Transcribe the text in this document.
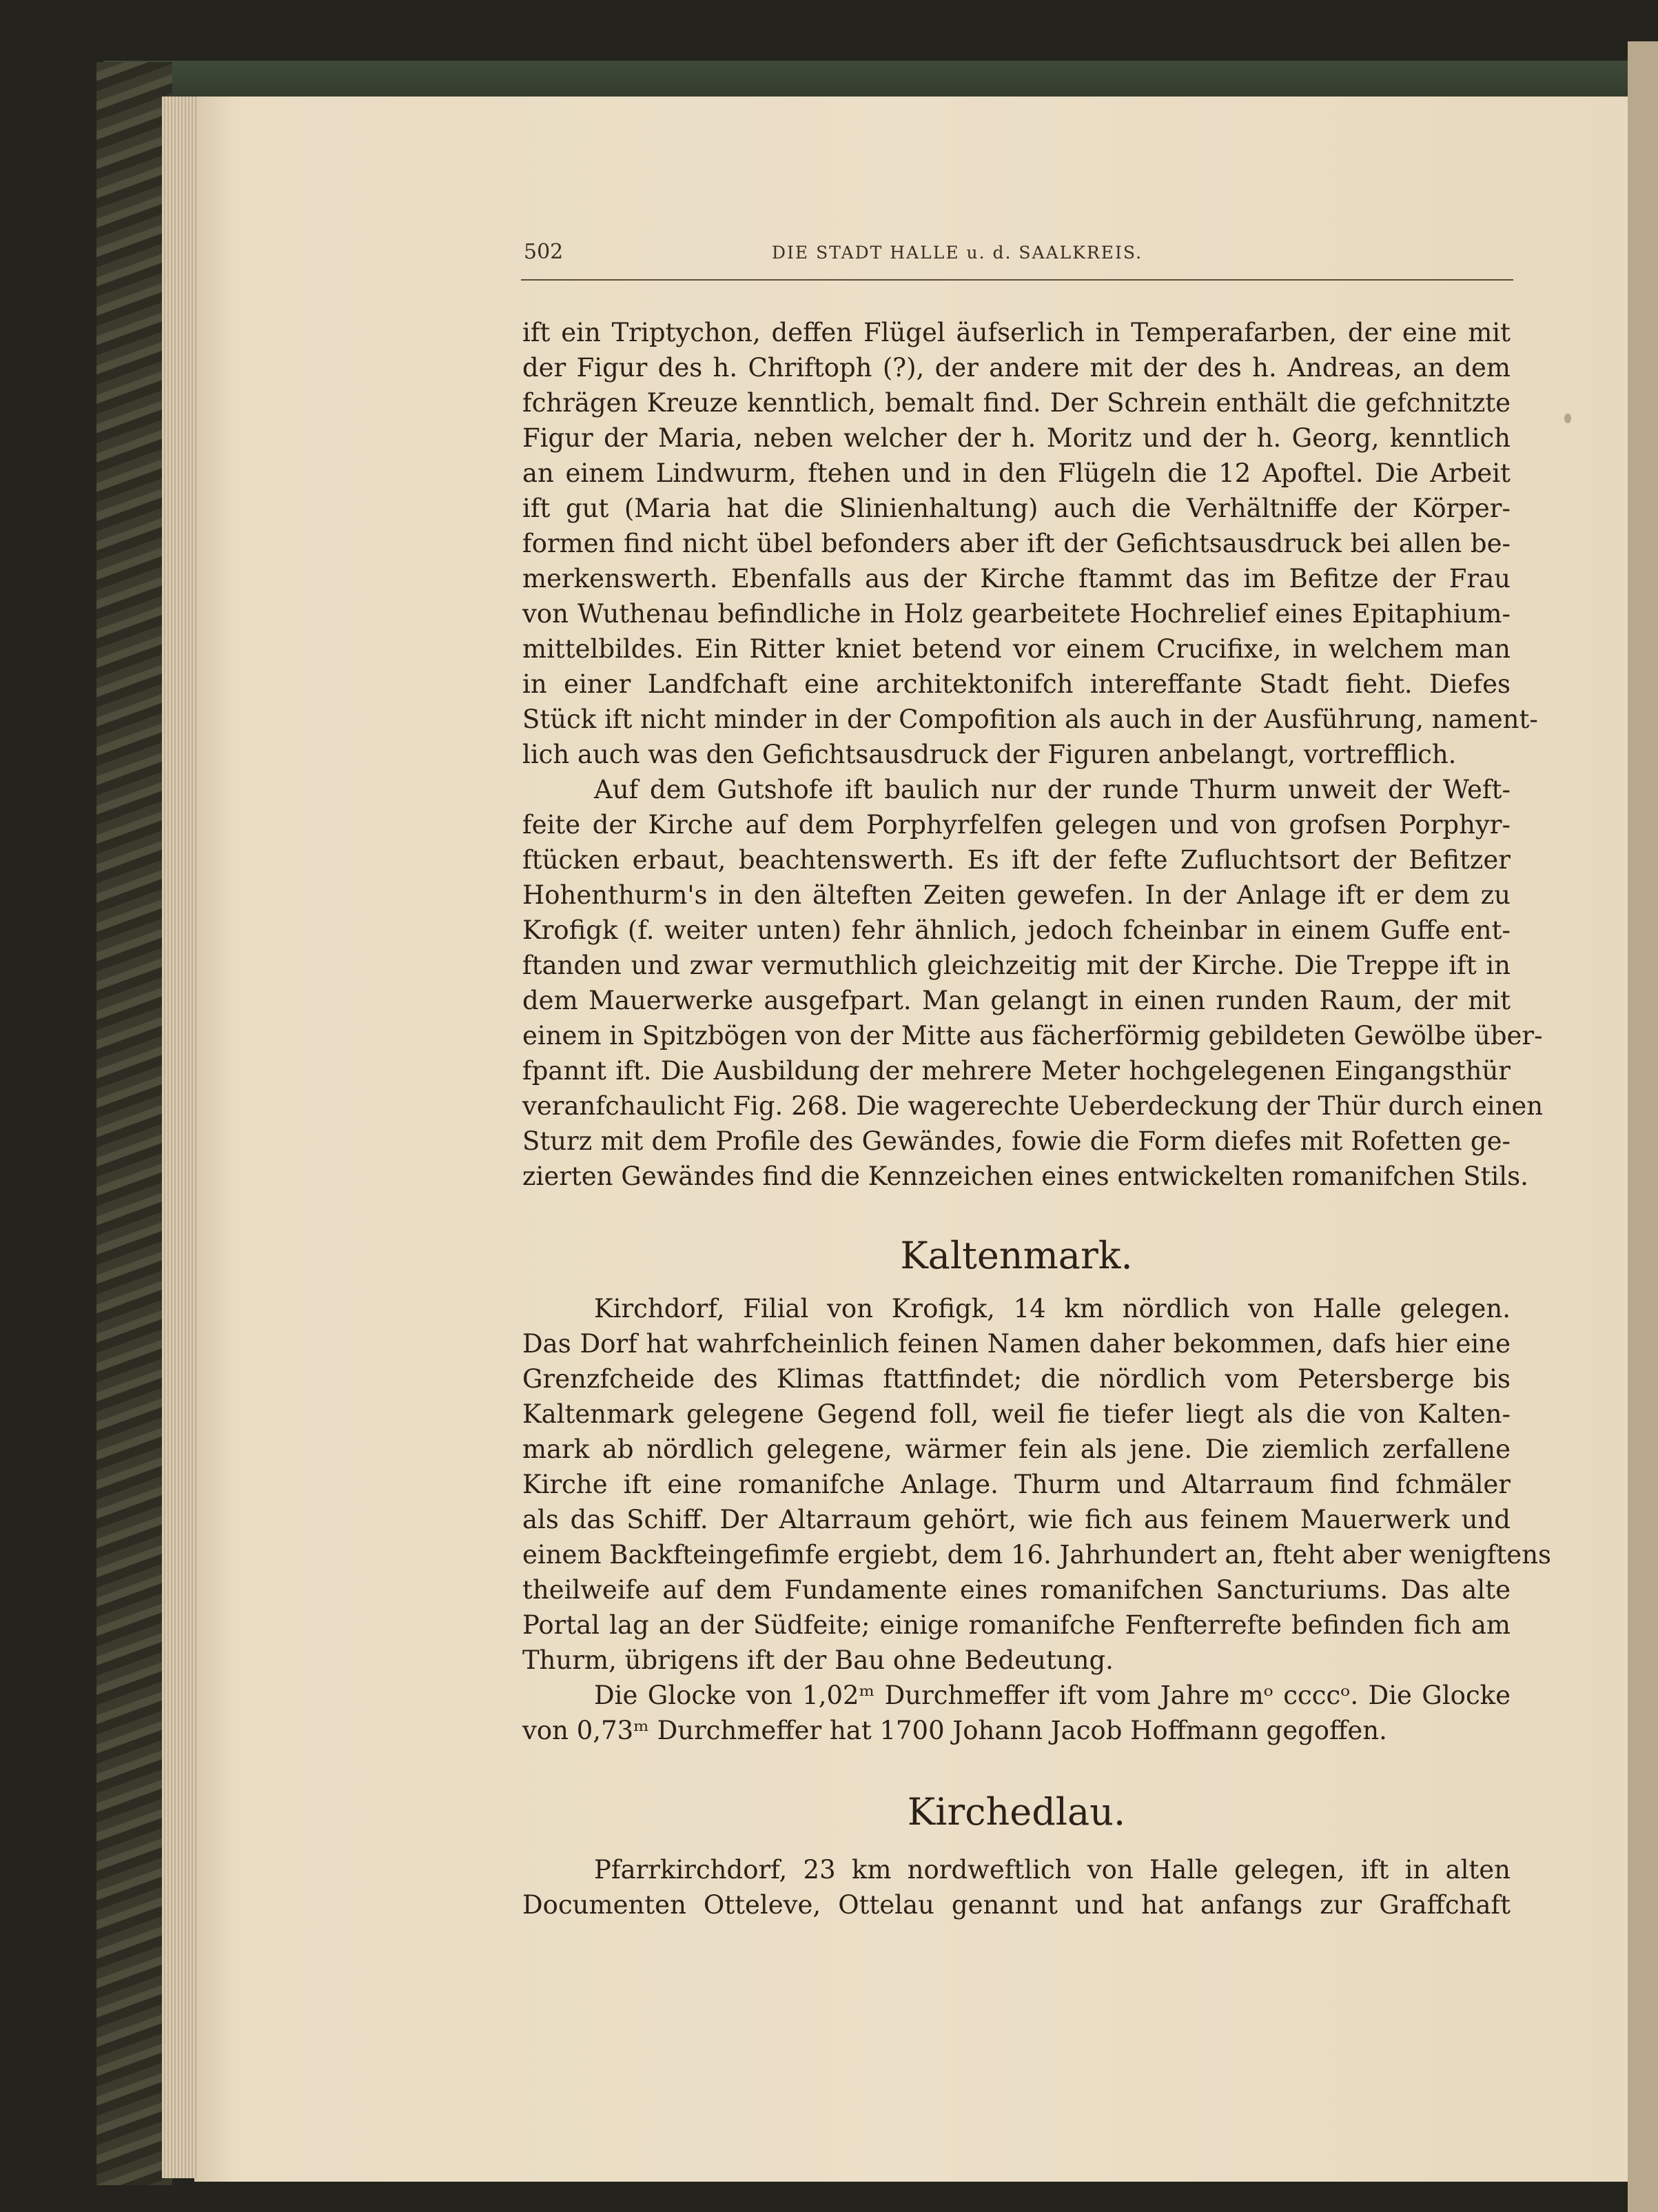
502	DIE STADT HALLE u. d. SAALKREIS.
ift ein Triptychon, deffen Flügel äufserlich in Temperafarben, der eine mit
der Figur des h. Chriftoph (?), der andere mit der des h. Andreas, an dem
fchrägen Kreuze kenntlich, bemalt find. Der Schrein enthält die gefchnitzte
Figur der Maria, neben welcher der h. Moritz und der h. Georg, kenntlich
an einem Lindwurm, ftehen und in den Flügeln die 12 Apoftel. Die Arbeit
ift gut (Maria hat die Slinienhaltung) auch die Verhältniffe der Körper-
formen find nicht übel befonders aber ift der Gefichtsausdruck bei allen be-
merkenswerth. Ebenfalls aus der Kirche ftammt das im Befitze der Frau
von Wuthenau befindliche in Holz gearbeitete Hochrelief eines Epitaphium-
mittelbildes. Ein Ritter kniet betend vor einem Crucifixe, in welchem man
in einer Landfchaft eine architektonifch intereffante Stadt fieht. Diefes
Stück ift nicht minder in der Compofition als auch in der Ausführung, nament-
lich auch was den Gefichtsausdruck der Figuren anbelangt, vortrefflich.
Auf dem Gutshofe ift baulich nur der runde Thurm unweit der Weft-
feite der Kirche auf dem Porphyrfelfen gelegen und von grofsen Porphyr-
ftücken erbaut, beachtenswerth. Es ift der fefte Zufluchtsort der Befitzer
Hohenthurm's in den älteften Zeiten gewefen. In der Anlage ift er dem zu
Krofigk (f. weiter unten) fehr ähnlich, jedoch fcheinbar in einem Guffe ent-
ftanden und zwar vermuthlich gleichzeitig mit der Kirche. Die Treppe ift in
dem Mauerwerke ausgefpart. Man gelangt in einen runden Raum, der mit
einem in Spitzbögen von der Mitte aus fächerförmig gebildeten Gewölbe über-
fpannt ift. Die Ausbildung der mehrere Meter hochgelegenen Eingangsthür
veranfchaulicht Fig. 268. Die wagerechte Ueberdeckung der Thür durch einen
Sturz mit dem Profile des Gewändes, fowie die Form diefes mit Rofetten ge-
zierten Gewändes find die Kennzeichen eines entwickelten romanifchen Stils.
Kaltenmark.
Kirchdorf, Filial von Krofigk, 14 km nördlich von Halle gelegen.
Das Dorf hat wahrfcheinlich feinen Namen daher bekommen, dafs hier eine
Grenzfcheide des Klimas ftattfindet; die nördlich vom Petersberge bis
Kaltenmark gelegene Gegend foll, weil fie tiefer liegt als die von Kalten-
mark ab nördlich gelegene, wärmer fein als jene. Die ziemlich zerfallene
Kirche ift eine romanifche Anlage. Thurm und Altarraum find fchmäler
als das Schiff. Der Altarraum gehört, wie fich aus feinem Mauerwerk und
einem Backfteingefimfe ergiebt, dem 16. Jahrhundert an, fteht aber wenigftens
theilweife auf dem Fundamente eines romanifchen Sancturiums. Das alte
Portal lag an der Südfeite; einige romanifche Fenfterrefte befinden fich am
Thurm, übrigens ift der Bau ohne Bedeutung.
Die Glocke von 1,02ᵐ Durchmeffer ift vom Jahre mᵒ ccccᵒ. Die Glocke
von 0,73ᵐ Durchmeffer hat 1700 Johann Jacob Hoffmann gegoffen.
Kirchedlau.
Pfarrkirchdorf, 23 km nordweftlich von Halle gelegen, ift in alten
Documenten Otteleve, Ottelau genannt und hat anfangs zur Graffchaft
